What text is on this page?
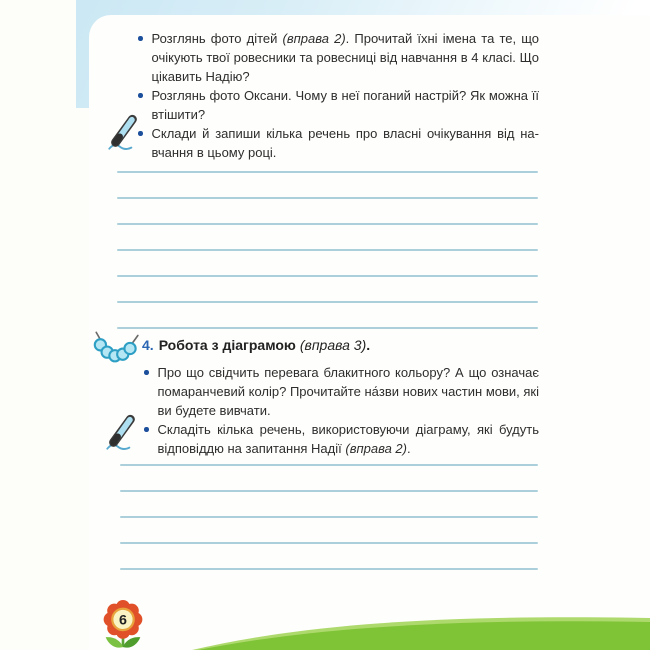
Розглянь фото дітей (вправа 2). Прочитай їхні імена та те, що очікують твої ровесники та ровесниці від навчання в 4 класі. Що цікавить Надію?
Розглянь фото Оксани. Чому в неї поганий настрій? Як можна її втішити?
Склади й запиши кілька речень про власні очікування від навчання в цьому році.
4. Робота з діаграмою (вправа 3).
Про що свідчить перевага блакитного кольору? А що означає помаранчевий колір? Прочитайте на́зви нових частин мови, які ви будете вивчати.
Складіть кілька речень, використовуючи діаграму, які будуть відповіддю на запитання Надії (вправа 2).
6
